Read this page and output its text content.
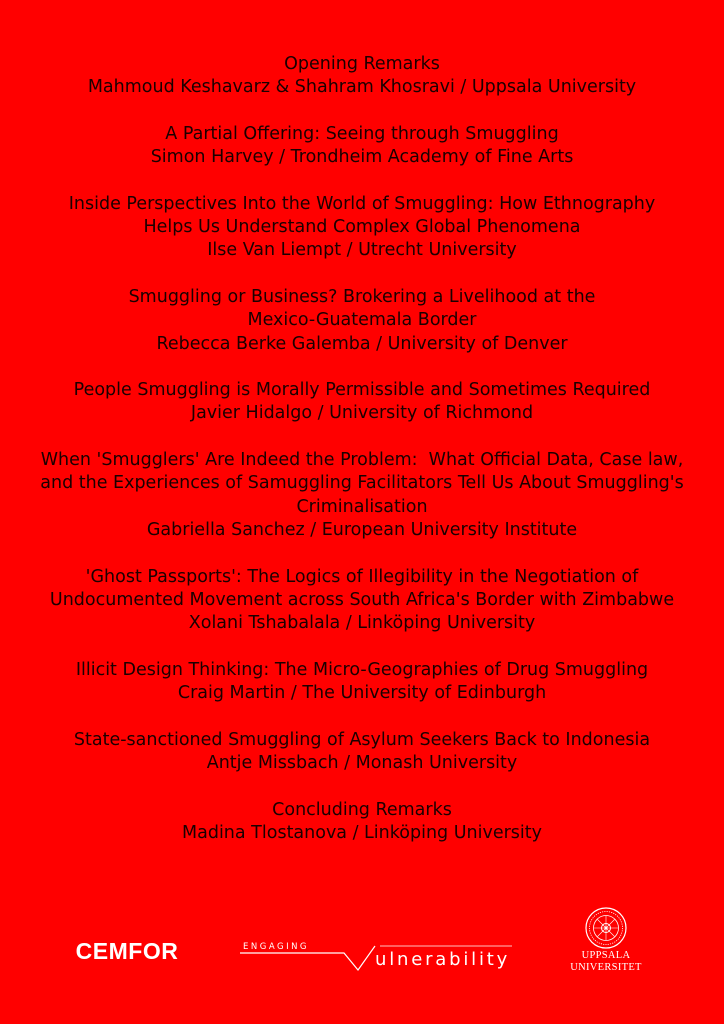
Opening Remarks
Mahmoud Keshavarz & Shahram Khosravi / Uppsala University
A Partial Offering: Seeing through Smuggling
Simon Harvey / Trondheim Academy of Fine Arts
Inside Perspectives Into the World of Smuggling: How Ethnography Helps Us Understand Complex Global Phenomena
Ilse Van Liempt / Utrecht University
Smuggling or Business? Brokering a Livelihood at the Mexico-Guatemala Border
Rebecca Berke Galemba / University of Denver
People Smuggling is Morally Permissible and Sometimes Required
Javier Hidalgo / University of Richmond
When 'Smugglers' Are Indeed the Problem:  What Official Data, Case law, and the Experiences of Samuggling Facilitators Tell Us About Smuggling's Criminalisation
Gabriella Sanchez / European University Institute
'Ghost Passports': The Logics of Illegibility in the Negotiation of Undocumented Movement across South Africa's Border with Zimbabwe
Xolani Tshabalala / Linköping University
Illicit Design Thinking: The Micro-Geographies of Drug Smuggling
Craig Martin / The University of Edinburgh
State-sanctioned Smuggling of Asylum Seekers Back to Indonesia
Antje Missbach / Monash University
Concluding Remarks
Madina Tlostanova / Linköping University
CEMFOR	ENGAGING
ulnerability	UPPSALA
UNIVERSITET
